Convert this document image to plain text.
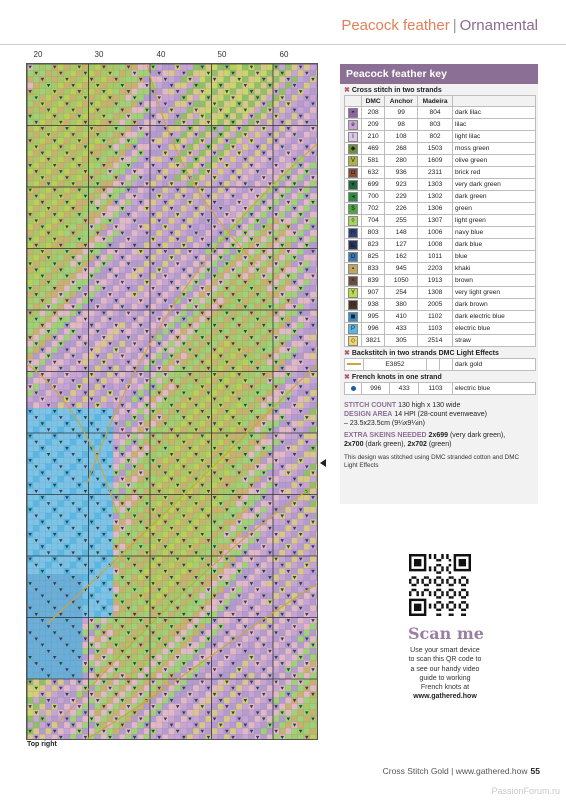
Peacock feather | Ornamental
20	30	40	50	60
Top right
Peacock feather key
✖ Cross stitch in two strands
	DMC	Anchor	Madeira	
◓	208	99	804	dark lilac
e	209	98	803	lilac
I	210	108	802	light lilac
◆	469	268	1503	moss green
V	581	280	1609	olive green
◘	632	936	2311	brick red
▼	699	923	1303	very dark green
◂	700	229	1302	dark green
$	702	226	1306	green
◊	704	255	1307	light green
R	803	148	1006	navy blue
◣	823	127	1008	dark blue
Ω	825	162	1011	blue
▪	833	945	2203	khaki
×	839	1050	1913	brown
Y	907	254	1308	very light green
N	938	380	2005	dark brown
◼	995	410	1102	dark electric blue
P	996	433	1103	electric blue
◇	3821	305	2514	straw
✖ Backstitch in two strands DMC Light Effects
	E3852			dark gold
✖ French knots in one strand
	996	433	1103	electric blue
STITCH COUNT 130 high x 130 wide
DESIGN AREA 14 HPI (28-count evenweave)
– 23.5x23.5cm (9¼x9¼in)
EXTRA SKEINS NEEDED 2x699 (very dark green),
2x700 (dark green), 2x702 (green)
This design was stitched using DMC stranded cotton and DMC Light Effects
Scan me
Use your smart device
to scan this QR code to
a see our handy video
guide to working
French knots at
www.gathered.how
Cross Stitch Gold | www.gathered.how 55
PassionForum.ru
